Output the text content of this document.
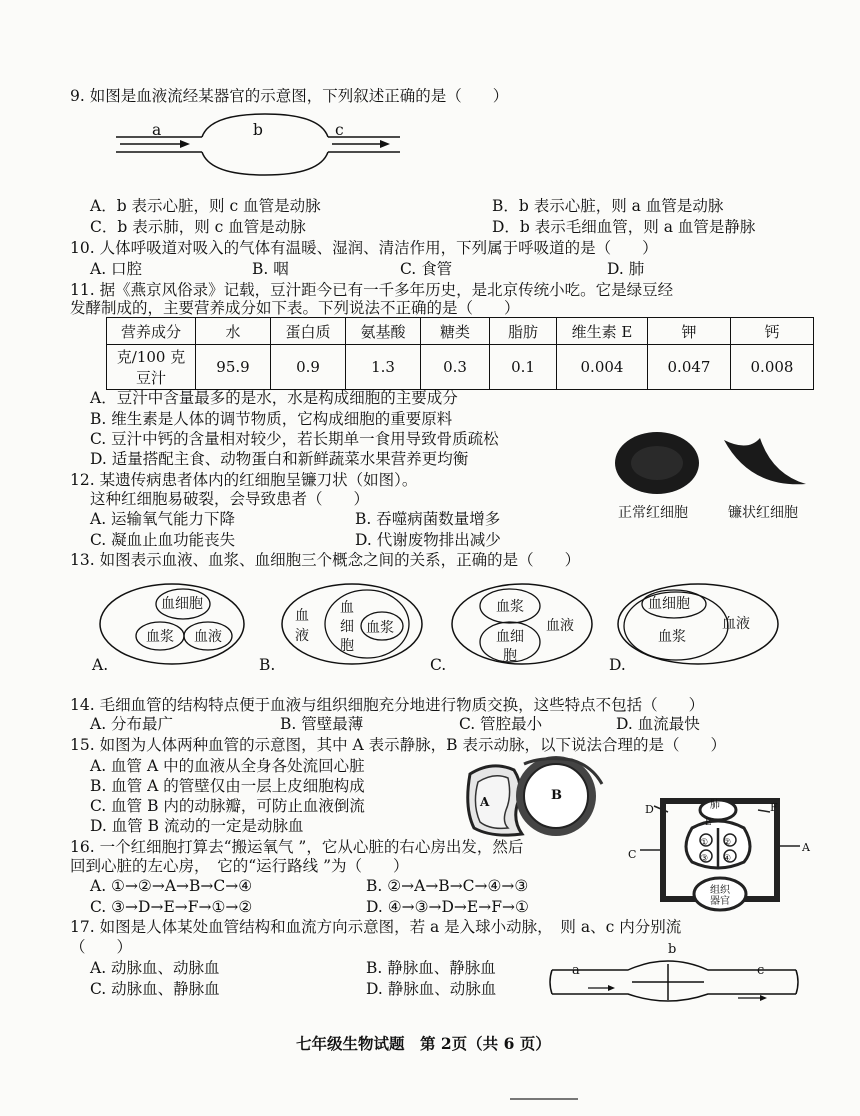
9. 如图是血液流经某器官的示意图，下列叙述正确的是（　　）
a	b	c
A．b 表示心脏，则 c 血管是动脉	B．b 表示心脏，则 a 血管是动脉
C．b 表示肺，则 c 血管是动脉	D．b 表示毛细血管，则 a 血管是静脉
10. 人体呼吸道对吸入的气体有温暖、湿润、清洁作用，下列属于呼吸道的是（　　）
A. 口腔	B. 咽	C. 食管	D. 肺
11. 据《燕京风俗录》记载，豆汁距今已有一千多年历史，是北京传统小吃。它是绿豆经
发酵制成的，主要营养成分如下表。下列说法不正确的是（　　）
营养成分	水	蛋白质	氨基酸	糖类	脂肪	维生素 E	钾	钙
克/100 克
豆汁	95.9	0.9	1.3	0.3	0.1	0.004	0.047	0.008
A．豆汁中含量最多的是水，水是构成细胞的主要成分
B. 维生素是人体的调节物质，它构成细胞的重要原料
C. 豆汁中钙的含量相对较少，若长期单一食用导致骨质疏松
D. 适量搭配主食、动物蛋白和新鲜蔬菜水果营养更均衡
12. 某遗传病患者体内的红细胞呈镰刀状（如图）。
这种红细胞易破裂，会导致患者（　　）
A. 运输氧气能力下降	B. 吞噬病菌数量增多
C. 凝血止血功能丧失	D. 代谢废物排出减少
正常红细胞	镰状红细胞
13. 如图表示血液、血浆、血细胞三个概念之间的关系，正确的是（　　）
血细胞
血浆 血液
血
液
血
细
胞
血浆
血浆
血液
血细
胞
血细胞
血浆
血液
A.	B.	C.	D.
14. 毛细血管的结构特点便于血液与组织细胞充分地进行物质交换，这些特点不包括（　　）
A. 分布最广	B. 管壁最薄	C. 管腔最小	D. 血流最快
15. 如图为人体两种血管的示意图，其中 A 表示静脉，B 表示动脉，以下说法合理的是（　　）
A. 血管 A 中的血液从全身各处流回心脏
B. 血管 A 的管壁仅由一层上皮细胞构成
C. 血管 B 内的动脉瓣，可防止血液倒流
D. 血管 B 流动的一定是动脉血
A	B
肺
组织
器官
A
C
D
E
F
① ②
③ ④
16. 一个红细胞打算去“搬运氧气 ”，它从心脏的右心房出发，然后
回到心脏的左心房，　它的“运行路线 ”为（　　）
A. ①→②→A→B→C→④	B. ②→A→B→C→④→③
C. ③→D→E→F→①→②	D. ④→③→D→E→F→①
17. 如图是人体某处血管结构和血流方向示意图，若 a 是入球小动脉，　则 a、c 内分别流
（　　）
A. 动脉血、动脉血	B. 静脉血、静脉血
C. 动脉血、静脉血	D. 静脉血、动脉血
a
b
c
七年级生物试题　第 2页（共 6 页）
